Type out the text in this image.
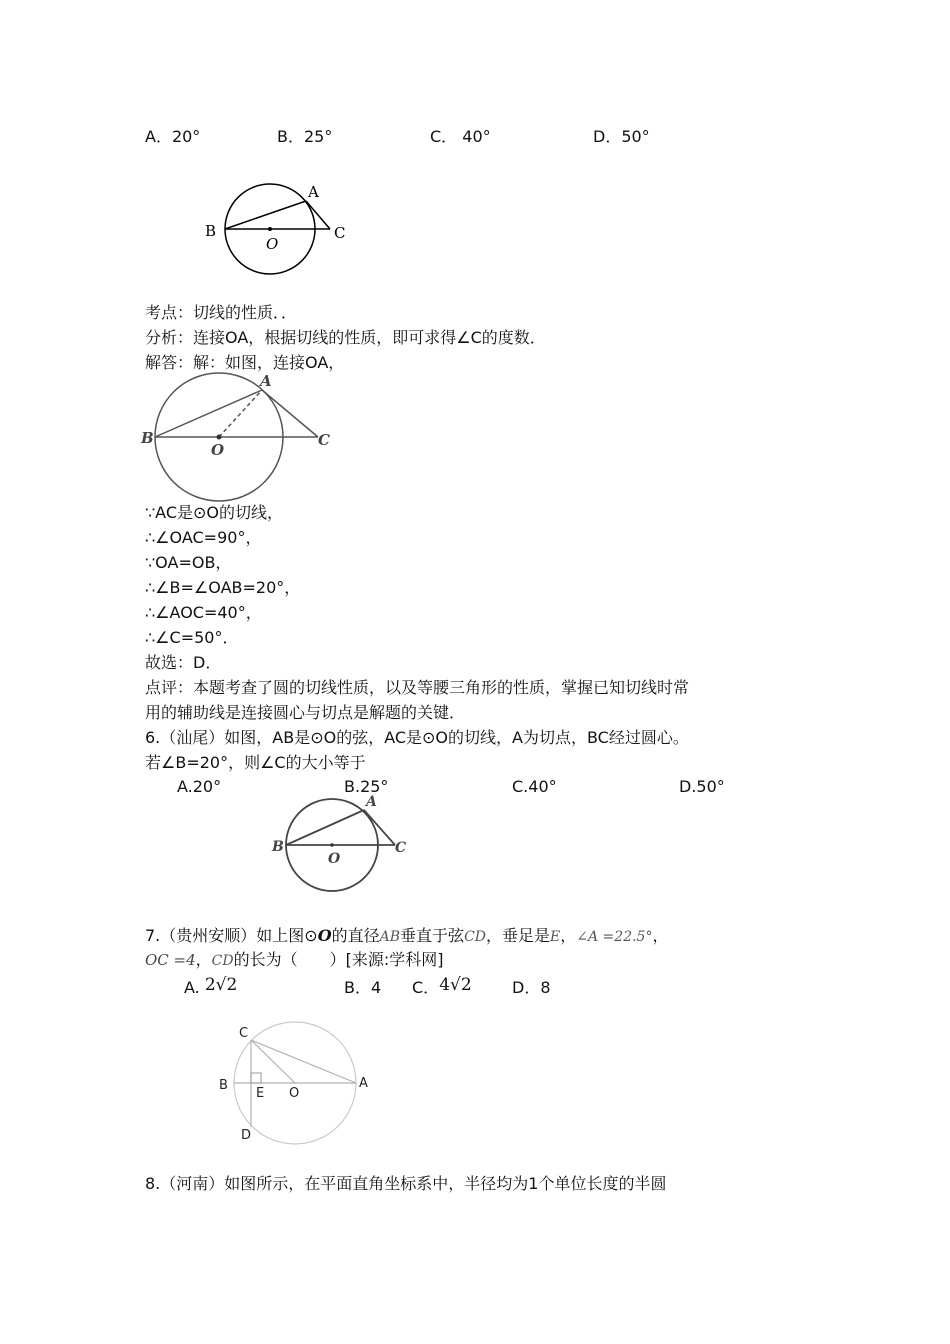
A．20°	B．25°	C． 40°	D．50°
A
B	C
O
考点：切线的性质．．
分析：连接OA，根据切线的性质，即可求得∠C的度数．
解答：解：如图，连接OA，
A
B	C
O
∵AC是⊙O的切线，
∴∠OAC=90°，
∵OA=OB，
∴∠B=∠OAB=20°，
∴∠AOC=40°，
∴∠C=50°．
故选：D．
点评：本题考查了圆的切线性质，以及等腰三角形的性质，掌握已知切线时常
用的辅助线是连接圆心与切点是解题的关键．
6.（汕尾）如图，AB是⊙O的弦，AC是⊙O的切线，A为切点，BC经过圆心。
若∠B=20°，则∠C的大小等于
A.20°	B.25°	C.40°	D.50°
A
B	C
O
7.（贵州安顺）如上图⊙O的直径AB垂直于弦CD，垂足是E，∠A =22.5°，
OC =4，CD的长为（　　）[来源:学科网]
A. 2√2	B．4 C．4√2	D．8
C
B
E O
A
D
8.（河南）如图所示，在平面直角坐标系中，半径均为1个单位长度的半圆
